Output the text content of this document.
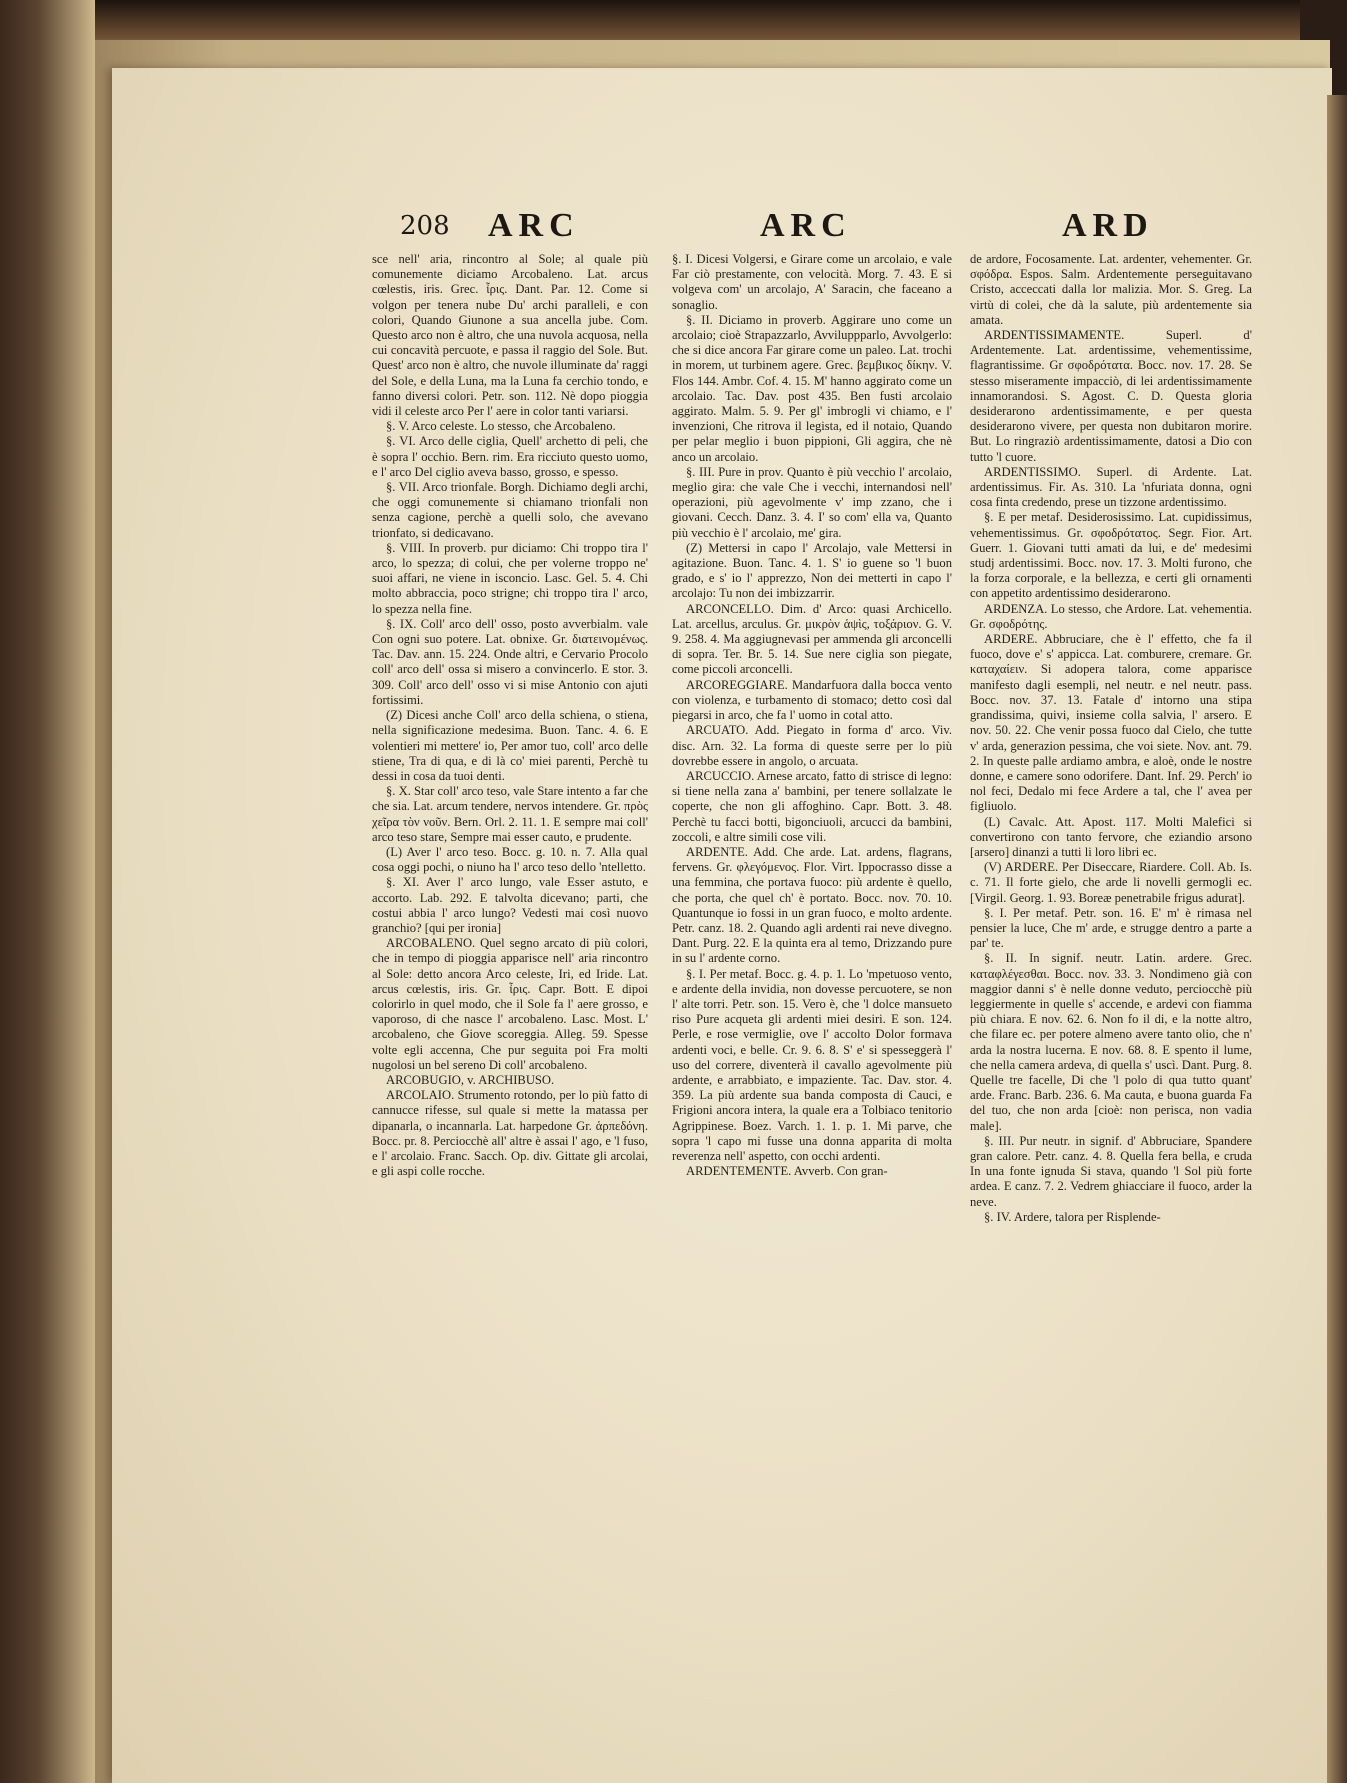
208 ARC	ARC	ARD

sce nell' aria, rincontro al Sole; al quale più comunemente diciamo Arcobaleno. Lat. arcus cœlestis, iris. Grec. ἶρις. Dant. Par. 12. Come si volgon per tenera nube Du' archi paralleli, e con colori, Quando Giunone a sua ancella jube. Com. Questo arco non è altro, che una nuvola acquosa, nella cui concavità percuote, e passa il raggio del Sole. But. Quest' arco non è altro, che nuvole illuminate da' raggi del Sole, e della Luna, ma la Luna fa cerchio tondo, e fanno diversi colori. Petr. son. 112. Nè dopo pioggia vidi il celeste arco Per l' aere in color tanti variarsi.

§. V. Arco celeste. Lo stesso, che Arcobaleno.

§. VI. Arco delle ciglia, Quell' archetto di peli, che è sopra l' occhio. Bern. rim. Era ricciuto questo uomo, e l' arco Del ciglio aveva basso, grosso, e spesso.

§. VII. Arco trionfale. Borgh. Dichiamo degli archi, che oggi comunemente si chiamano trionfali non senza cagione, perchè a quelli solo, che avevano trionfato, si dedicavano.

§. VIII. In proverb. pur diciamo: Chi troppo tira l' arco, lo spezza; di colui, che per volerne troppo ne' suoi affari, ne viene in isconcio. Lasc. Gel. 5. 4. Chi molto abbraccia, poco strigne; chi troppo tira l' arco, lo spezza nella fine.

§. IX. Coll' arco dell' osso, posto avverbialm. vale Con ogni suo potere. Lat. obnixe. Gr. διατεινομένως. Tac. Dav. ann. 15. 224. Onde altri, e Cervario Procolo coll' arco dell' ossa si misero a convincerlo. E stor. 3. 309. Coll' arco dell' osso vi si mise Antonio con ajuti fortissimi.

(Z) Dicesi anche Coll' arco della schiena, o stiena, nella significazione medesima. Buon. Tanc. 4. 6. E volentieri mi mettere' io, Per amor tuo, coll' arco delle stiene, Tra di qua, e di là co' miei parenti, Perchè tu dessi in cosa da tuoi denti.

§. X. Star coll' arco teso, vale Stare intento a far che che sia. Lat. arcum tendere, nervos intendere. Gr. πρὸς χεῖρα τὸν νοῦν. Bern. Orl. 2. 11. 1. E sempre mai coll' arco teso stare, Sempre mai esser cauto, e prudente.

(L) Aver l' arco teso. Bocc. g. 10. n. 7. Alla qual cosa oggi pochi, o niuno ha l' arco teso dello 'ntelletto.

§. XI. Aver l' arco lungo, vale Esser astuto, e accorto. Lab. 292. E talvolta dicevano; parti, che costui abbia l' arco lungo? Vedesti mai così nuovo granchio? [qui per ironia]

ARCOBALENO. Quel segno arcato di più colori, che in tempo di pioggia apparisce nell' aria rincontro al Sole: detto ancora Arco celeste, Iri, ed Iride. Lat. arcus cœlestis, iris. Gr. ἶρις. Capr. Bott. E dipoi colorirlo in quel modo, che il Sole fa l' aere grosso, e vaporoso, di che nasce l' arcobaleno. Lasc. Most. L' arcobaleno, che Giove scoreggia. Alleg. 59. Spesse volte egli accenna, Che pur seguita poi Fra molti nugolosi un bel sereno Di coll' arcobaleno.

ARCOBUGIO, v. ARCHIBUSO.

ARCOLAIO. Strumento rotondo, per lo più fatto di cannucce rifesse, sul quale si mette la matassa per dipanarla, o incannarla. Lat. harpedone Gr. ἁρπεδόνη. Bocc. pr. 8. Perciocchè all' altre è assai l' ago, e 'l fuso, e l' arcolaio. Franc. Sacch. Op. div. Gittate gli arcolai, e gli aspi colle rocche.

§. I. Dicesi Volgersi, e Girare come un arcolaio, e vale Far ciò prestamente, con velocità. Morg. 7. 43. E si volgeva com' un arcolajo, A' Saracin, che faceano a sonaglio.

§. II. Diciamo in proverb. Aggirare uno come un arcolaio; cioè Strapazzarlo, Avviluppparlo, Avvolgerlo: che si dice ancora Far girare come un paleo. Lat. trochi in morem, ut turbinem agere. Grec. βεμβικος δίκην. V. Flos 144. Ambr. Cof. 4. 15. M' hanno aggirato come un arcolaio. Tac. Dav. post 435. Ben fusti arcolaio aggirato. Malm. 5. 9. Per gl' imbrogli vi chiamo, e l' invenzioni, Che ritrova il legista, ed il notaio, Quando per pelar meglio i buon pippioni, Gli aggira, che nè anco un arcolaio.

§. III. Pure in prov. Quanto è più vecchio l' arcolaio, meglio gira: che vale Che i vecchi, internandosi nell' operazioni, più agevolmente v' imp zzano, che i giovani. Cecch. Danz. 3. 4. I' so com' ella va, Quanto più vecchio è l' arcolaio, me' gira.

(Z) Mettersi in capo l' Arcolajo, vale Mettersi in agitazione. Buon. Tanc. 4. 1. S' io guene so 'l buon grado, e s' io l' apprezzo, Non dei metterti in capo l' arcolajo: Tu non dei imbizzarrir.

ARCONCELLO. Dim. d' Arco: quasi Archicello. Lat. arcellus, arculus. Gr. μικρὸν ἁψὶς, τοξάριον. G. V. 9. 258. 4. Ma aggiugnevasi per ammenda gli arconcelli di sopra. Ter. Br. 5. 14. Sue nere ciglia son piegate, come piccoli arconcelli.

ARCOREGGIARE. Mandarfuora dalla bocca vento con violenza, e turbamento di stomaco; detto così dal piegarsi in arco, che fa l' uomo in cotal atto.

ARCUATO. Add. Piegato in forma d' arco. Viv. disc. Arn. 32. La forma di queste serre per lo più dovrebbe essere in angolo, o arcuata.

ARCUCCIO. Arnese arcato, fatto di strisce di legno: si tiene nella zana a' bambini, per tenere sollalzate le coperte, che non gli affoghino. Capr. Bott. 3. 48. Perchè tu facci botti, bigonciuoli, arcucci da bambini, zoccoli, e altre simili cose vili.

ARDENTE. Add. Che arde. Lat. ardens, flagrans, fervens. Gr. φλεγόμενος. Flor. Virt. Ippocrasso disse a una femmina, che portava fuoco: più ardente è quello, che porta, che quel ch' è portato. Bocc. nov. 70. 10. Quantunque io fossi in un gran fuoco, e molto ardente. Petr. canz. 18. 2. Quando agli ardenti rai neve divegno. Dant. Purg. 22. E la quinta era al temo, Drizzando pure in su l' ardente corno.

§. I. Per metaf. Bocc. g. 4. p. 1. Lo 'mpetuoso vento, e ardente della invidia, non dovesse percuotere, se non l' alte torri. Petr. son. 15. Vero è, che 'l dolce mansueto riso Pure acqueta gli ardenti miei desiri. E son. 124. Perle, e rose vermiglie, ove l' accolto Dolor formava ardenti voci, e belle. Cr. 9. 6. 8. S' e' si spesseggerà l' uso del correre, diventerà il cavallo agevolmente più ardente, e arrabbiato, e impaziente. Tac. Dav. stor. 4. 359. La più ardente sua banda composta di Cauci, e Frigioni ancora intera, la quale era a Tolbiaco tenitorio Agrippinese. Boez. Varch. 1. 1. p. 1. Mi parve, che sopra 'l capo mi fusse una donna apparita di molta reverenza nell' aspetto, con occhi ardenti.

ARDENTEMENTE. Avverb. Con gran-

de ardore, Focosamente. Lat. ardenter, vehementer. Gr. σφόδρα. Espos. Salm. Ardentemente perseguitavano Cristo, acceccati dalla lor malizia. Mor. S. Greg. La virtù di colei, che dà la salute, più ardentemente sia amata.

ARDENTISSIMAMENTE. Superl. d' Ardentemente. Lat. ardentissime, vehementissime, flagrantissime. Gr σφοδρότατα. Bocc. nov. 17. 28. Se stesso miseramente impacciò, di lei ardentissimamente innamorandosi. S. Agost. C. D. Questa gloria desiderarono ardentissimamente, e per questa desiderarono vivere, per questa non dubitaron morire. But. Lo ringraziò ardentissimamente, datosi a Dio con tutto 'l cuore.

ARDENTISSIMO. Superl. di Ardente. Lat. ardentissimus. Fir. As. 310. La 'nfuriata donna, ogni cosa finta credendo, prese un tizzone ardentissimo.

§. E per metaf. Desiderosissimo. Lat. cupidissimus, vehementissimus. Gr. σφοδρότατος. Segr. Fior. Art. Guerr. 1. Giovani tutti amati da lui, e de' medesimi studj ardentissimi. Bocc. nov. 17. 3. Molti furono, che la forza corporale, e la bellezza, e certi gli ornamenti con appetito ardentissimo desiderarono.

ARDENZA. Lo stesso, che Ardore. Lat. vehementia. Gr. σφοδρότης.

ARDERE. Abbruciare, che è l' effetto, che fa il fuoco, dove e' s' appicca. Lat. comburere, cremare. Gr. καταχαίειν. Si adopera talora, come apparisce manifesto dagli esempli, nel neutr. e nel neutr. pass. Bocc. nov. 37. 13. Fatale d' intorno una stipa grandissima, quivi, insieme colla salvia, l' arsero. E nov. 50. 22. Che venir possa fuoco dal Cielo, che tutte v' arda, generazion pessima, che voi siete. Nov. ant. 79. 2. In queste palle ardiamo ambra, e aloè, onde le nostre donne, e camere sono odorifere. Dant. Inf. 29. Perch' io nol feci, Dedalo mi fece Ardere a tal, che l' avea per figliuolo.

(L) Cavalc. Att. Apost. 117. Molti Malefici si convertirono con tanto fervore, che eziandio arsono [arsero] dinanzi a tutti li loro libri ec.

(V) ARDERE. Per Diseccare, Riardere. Coll. Ab. Is. c. 71. Il forte gielo, che arde li novelli germogli ec. [Virgil. Georg. 1. 93. Boreæ penetrabile frigus adurat].

§. I. Per metaf. Petr. son. 16. E' m' è rimasa nel pensier la luce, Che m' arde, e strugge dentro a parte a par' te.

§. II. In signif. neutr. Latin. ardere. Grec. καταφλέγεσθαι. Bocc. nov. 33. 3. Nondimeno già con maggior danni s' è nelle donne veduto, perciocchè più leggiermente in quelle s' accende, e ardevi con fiamma più chiara. E nov. 62. 6. Non fo il di, e la notte altro, che filare ec. per potere almeno avere tanto olio, che n' arda la nostra lucerna. E nov. 68. 8. E spento il lume, che nella camera ardeva, di quella s' uscì. Dant. Purg. 8. Quelle tre facelle, Di che 'l polo di qua tutto quant' arde. Franc. Barb. 236. 6. Ma cauta, e buona guarda Fa del tuo, che non arda [cioè: non perisca, non vadia male].

§. III. Pur neutr. in signif. d' Abbruciare, Spandere gran calore. Petr. canz. 4. 8. Quella fera bella, e cruda In una fonte ignuda Si stava, quando 'l Sol più forte ardea. E canz. 7. 2. Vedrem ghiacciare il fuoco, arder la neve.

§. IV. Ardere, talora per Risplende-
